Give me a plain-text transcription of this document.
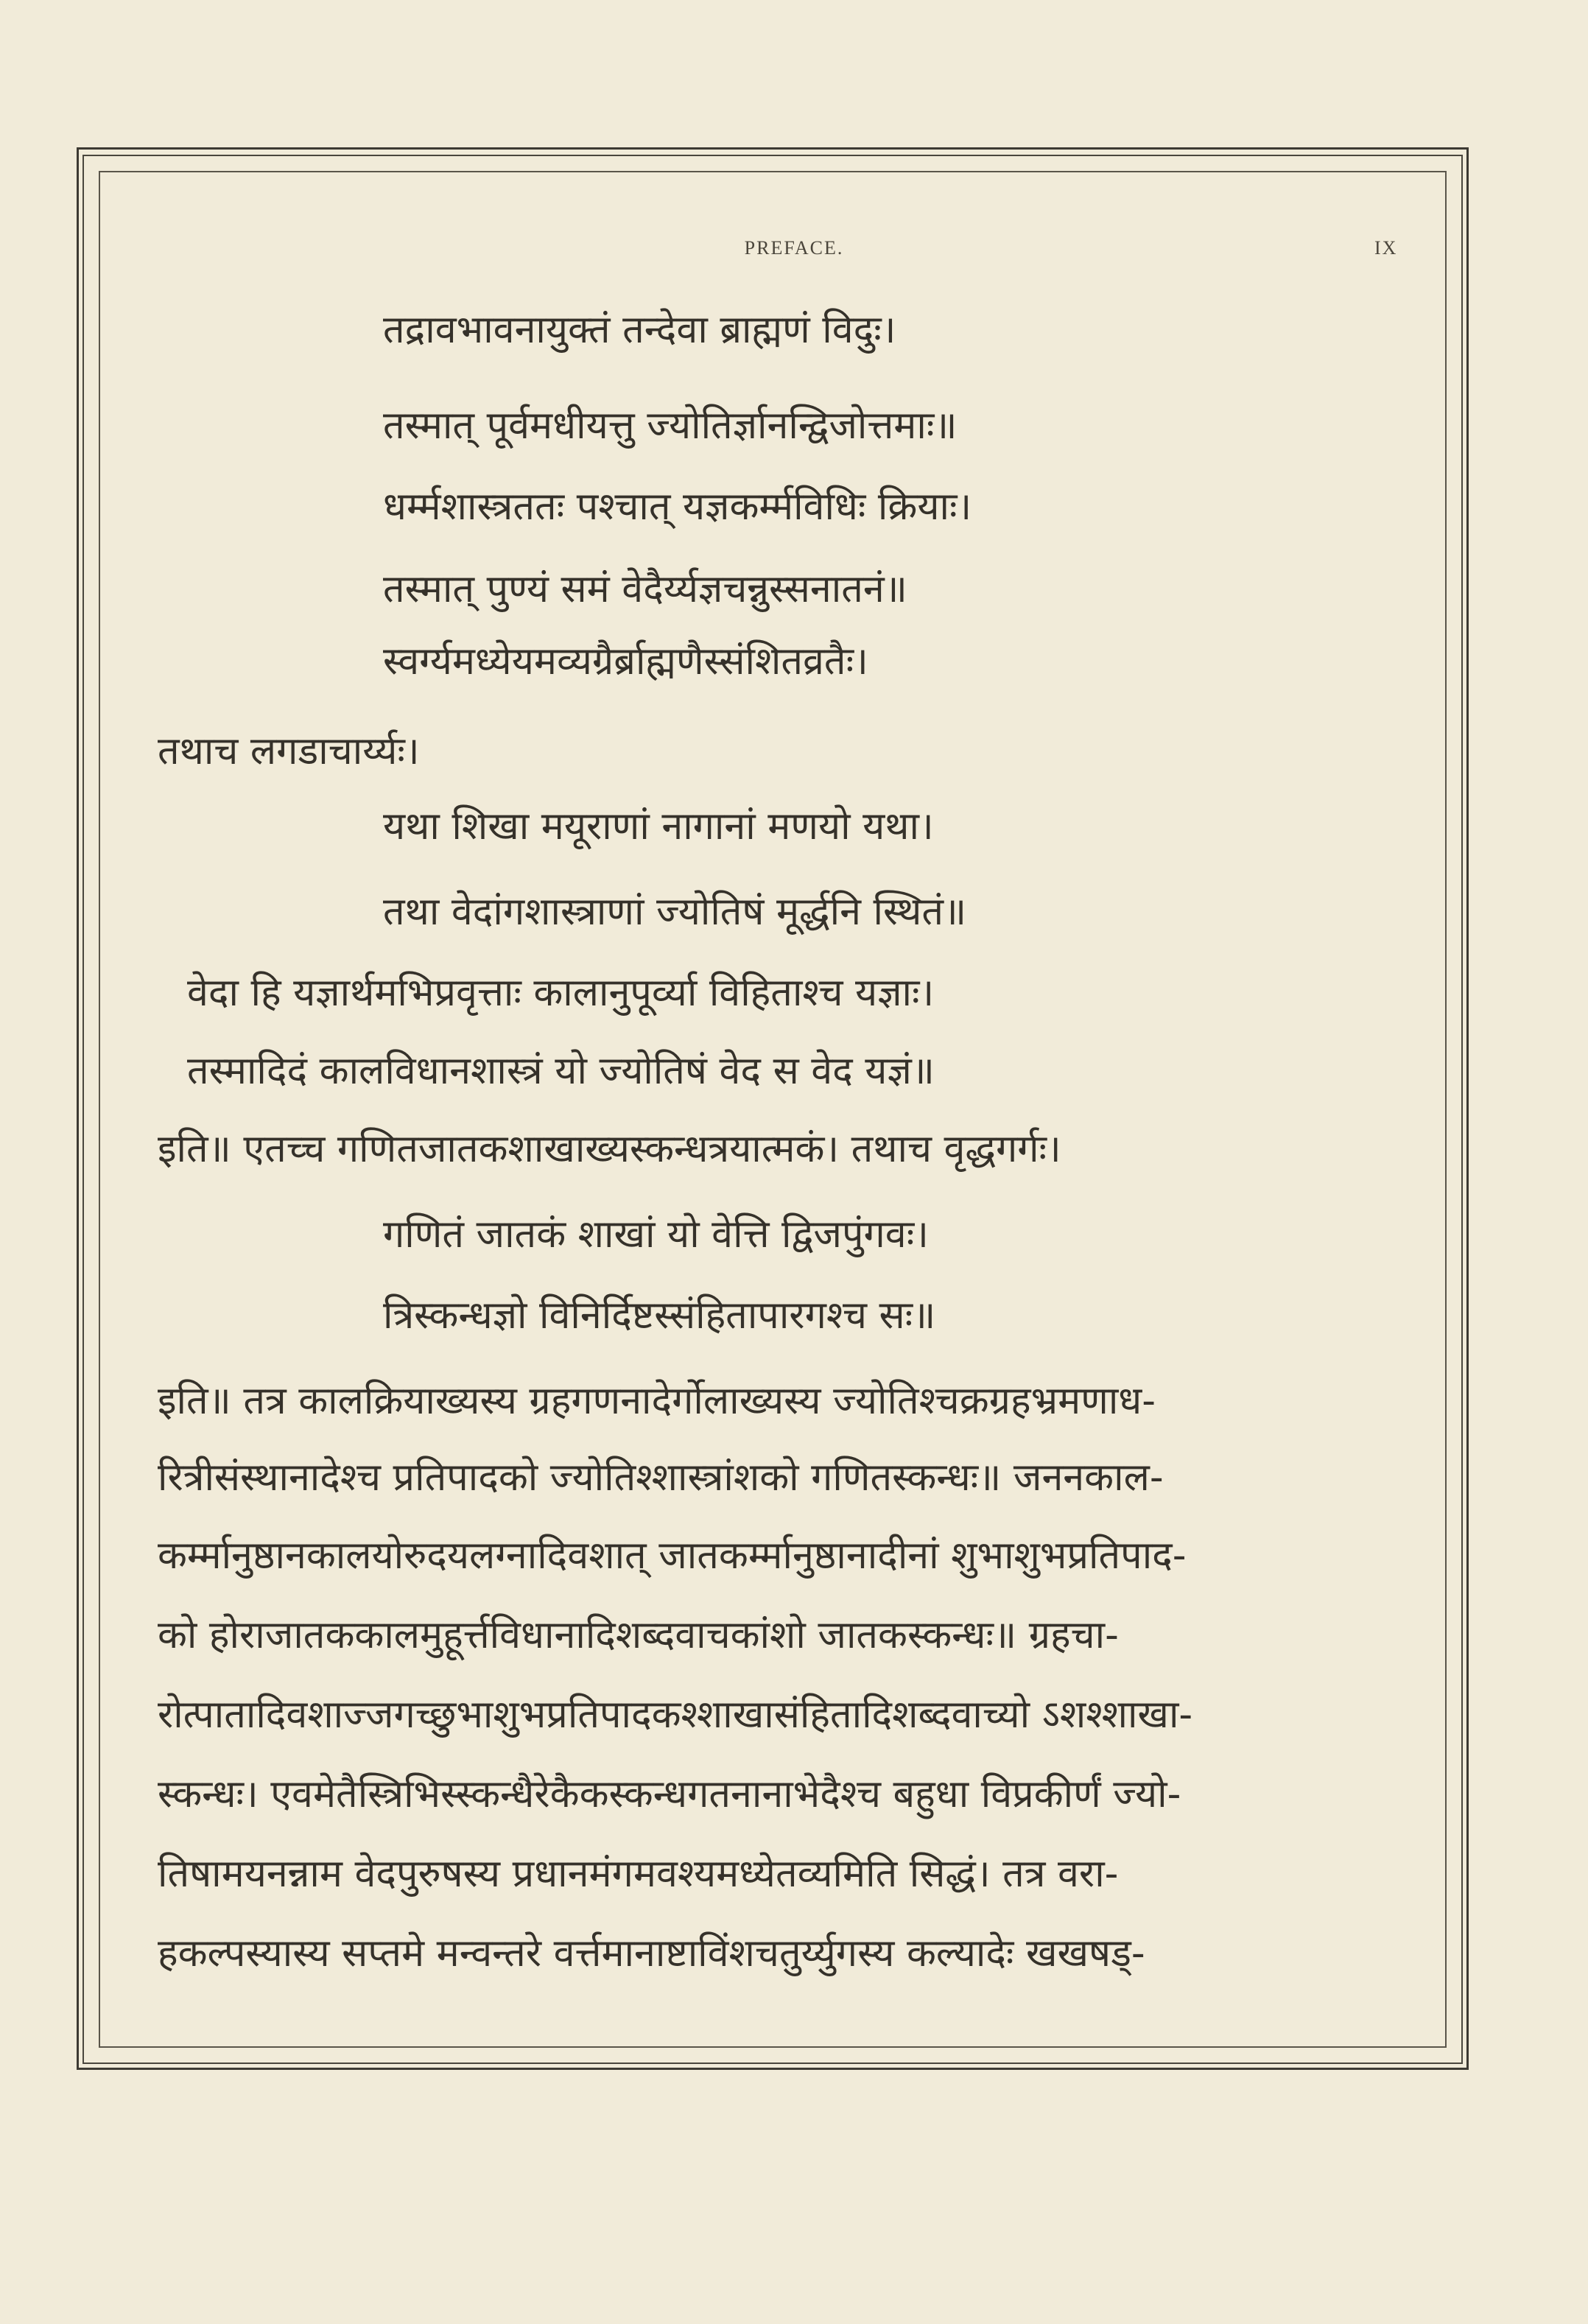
PREFACE.	IX
तद्रावभावनायुक्तं तन्देवा ब्राह्मणं विदुः।
तस्मात् पूर्वमधीयत्तु ज्योतिर्ज्ञानन्द्विजोत्तमाः॥
धर्म्मशास्त्रततः पश्चात् यज्ञकर्म्मविधिः क्रियाः।
तस्मात् पुण्यं समं वेदैर्य्यज्ञचन्नुस्सनातनं॥
स्वर्ग्यमध्येयमव्यग्रैर्ब्राह्मणैस्संशितव्रतैः।
तथाच लगडाचार्य्यः।
यथा शिखा मयूराणां नागानां मणयो यथा।
तथा वेदांगशास्त्राणां ज्योतिषं मूर्द्धनि स्थितं॥
वेदा हि यज्ञार्थमभिप्रवृत्ताः कालानुपूर्व्या विहिताश्च यज्ञाः।
तस्मादिदं कालविधानशास्त्रं यो ज्योतिषं वेद स वेद यज्ञं॥
इति॥ एतच्च गणितजातकशाखाख्यस्कन्धत्रयात्मकं। तथाच वृद्धगर्गः।
गणितं जातकं शाखां यो वेत्ति द्विजपुंगवः।
त्रिस्कन्धज्ञो विनिर्दिष्टस्संहितापारगश्च सः॥
इति॥ तत्र कालक्रियाख्यस्य ग्रहगणनादेर्गोलाख्यस्य ज्योतिश्चक्रग्रहभ्रमणाध-
रित्रीसंस्थानादेश्च प्रतिपादको ज्योतिश्शास्त्रांशको गणितस्कन्धः॥ जननकाल-
कर्म्मानुष्ठानकालयोरुदयलग्नादिवशात् जातकर्म्मानुष्ठानादीनां शुभाशुभप्रतिपाद-
को होराजातककालमुहूर्त्तविधानादिशब्दवाचकांशो जातकस्कन्धः॥ ग्रहचा-
रोत्पातादिवशाज्जगच्छुभाशुभप्रतिपादकश्शाखासंहितादिशब्दवाच्यो ऽशश्शाखा-
स्कन्धः। एवमेतैस्त्रिभिस्स्कन्धैरेकैकस्कन्धगतनानाभेदैश्च बहुधा विप्रकीर्णं ज्यो-
तिषामयनन्नाम वेदपुरुषस्य प्रधानमंगमवश्यमध्येतव्यमिति सिद्धं। तत्र वरा-
हकल्पस्यास्य सप्तमे मन्वन्तरे वर्त्तमानाष्टाविंशचतुर्य्युगस्य कल्यादेः खखषड्-
